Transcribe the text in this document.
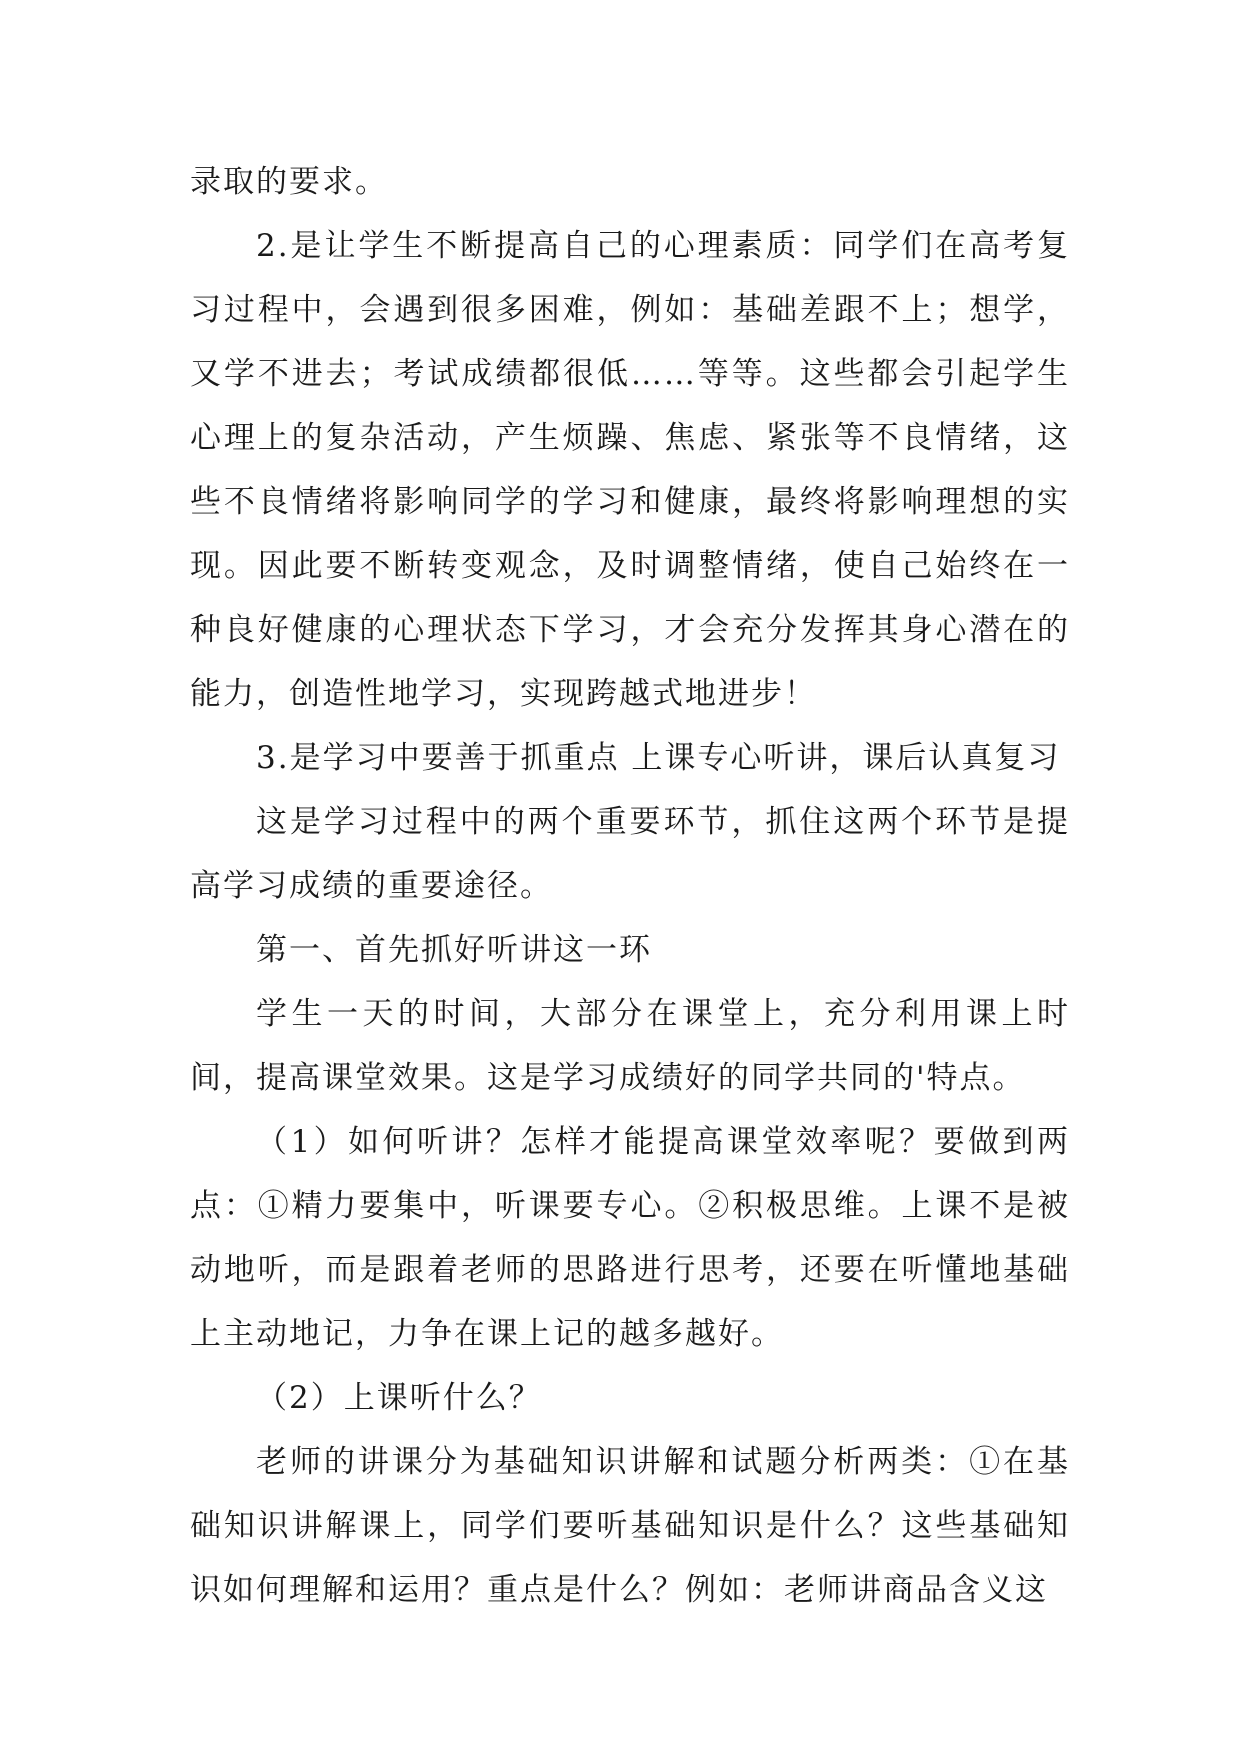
录取的要求。

2.是让学生不断提高自己的心理素质：同学们在高考复习过程中，会遇到很多困难，例如：基础差跟不上；想学，又学不进去；考试成绩都很低……等等。这些都会引起学生心理上的复杂活动，产生烦躁、焦虑、紧张等不良情绪，这些不良情绪将影响同学的学习和健康，最终将影响理想的实现。因此要不断转变观念，及时调整情绪，使自己始终在一种良好健康的心理状态下学习，才会充分发挥其身心潜在的能力，创造性地学习，实现跨越式地进步！

3.是学习中要善于抓重点 上课专心听讲，课后认真复习

这是学习过程中的两个重要环节，抓住这两个环节是提高学习成绩的重要途径。

第一、首先抓好听讲这一环

学生一天的时间，大部分在课堂上，充分利用课上时间，提高课堂效果。这是学习成绩好的同学共同的'特点。

（1）如何听讲？怎样才能提高课堂效率呢？要做到两点：①精力要集中，听课要专心。②积极思维。上课不是被动地听，而是跟着老师的思路进行思考，还要在听懂地基础上主动地记，力争在课上记的越多越好。

（2）上课听什么？

老师的讲课分为基础知识讲解和试题分析两类：①在基础知识讲解课上，同学们要听基础知识是什么？这些基础知识如何理解和运用？重点是什么？例如：老师讲商品含义这
